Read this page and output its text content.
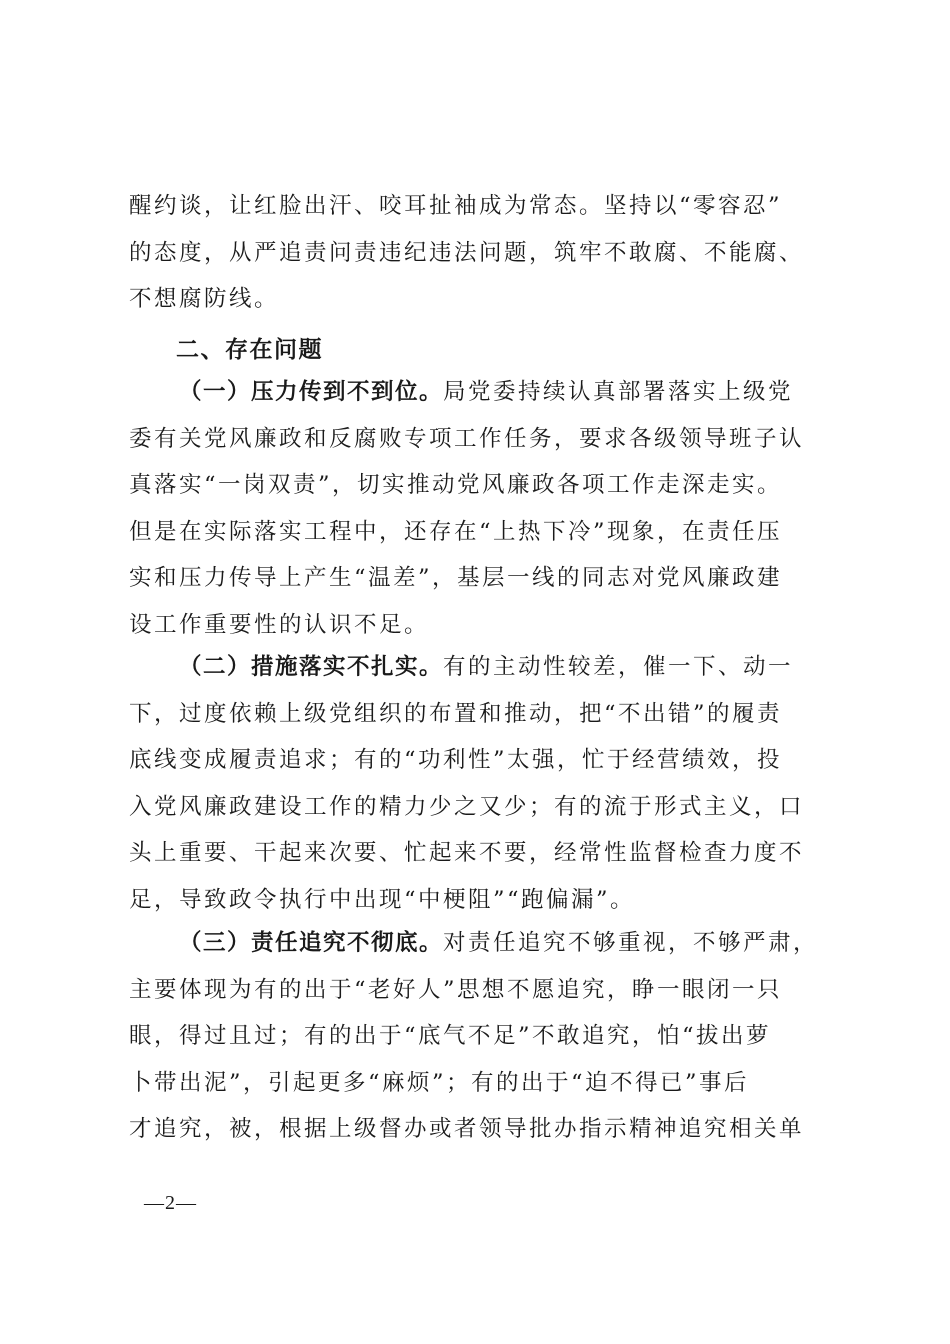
醒约谈，让红脸出汗、咬耳扯袖成为常态。坚持以“零容忍”
的态度，从严追责问责违纪违法问题，筑牢不敢腐、不能腐、
不想腐防线。
二、存在问题
（一）压力传到不到位。局党委持续认真部署落实上级党
委有关党风廉政和反腐败专项工作任务，要求各级领导班子认
真落实“一岗双责”，切实推动党风廉政各项工作走深走实。
但是在实际落实工程中，还存在“上热下冷”现象，在责任压
实和压力传导上产生“温差”，基层一线的同志对党风廉政建
设工作重要性的认识不足。
（二）措施落实不扎实。有的主动性较差，催一下、动一
下，过度依赖上级党组织的布置和推动，把“不出错”的履责
底线变成履责追求；有的“功利性”太强，忙于经营绩效，投
入党风廉政建设工作的精力少之又少；有的流于形式主义，口
头上重要、干起来次要、忙起来不要，经常性监督检查力度不
足，导致政令执行中出现“中梗阻”“跑偏漏”。
（三）责任追究不彻底。对责任追究不够重视，不够严肃，
主要体现为有的出于“老好人”思想不愿追究，睁一眼闭一只
眼，得过且过；有的出于“底气不足”不敢追究，怕“拔出萝
卜带出泥”，引起更多“麻烦”；有的出于“迫不得已”事后
才追究，被，根据上级督办或者领导批办指示精神追究相关单
—2—
